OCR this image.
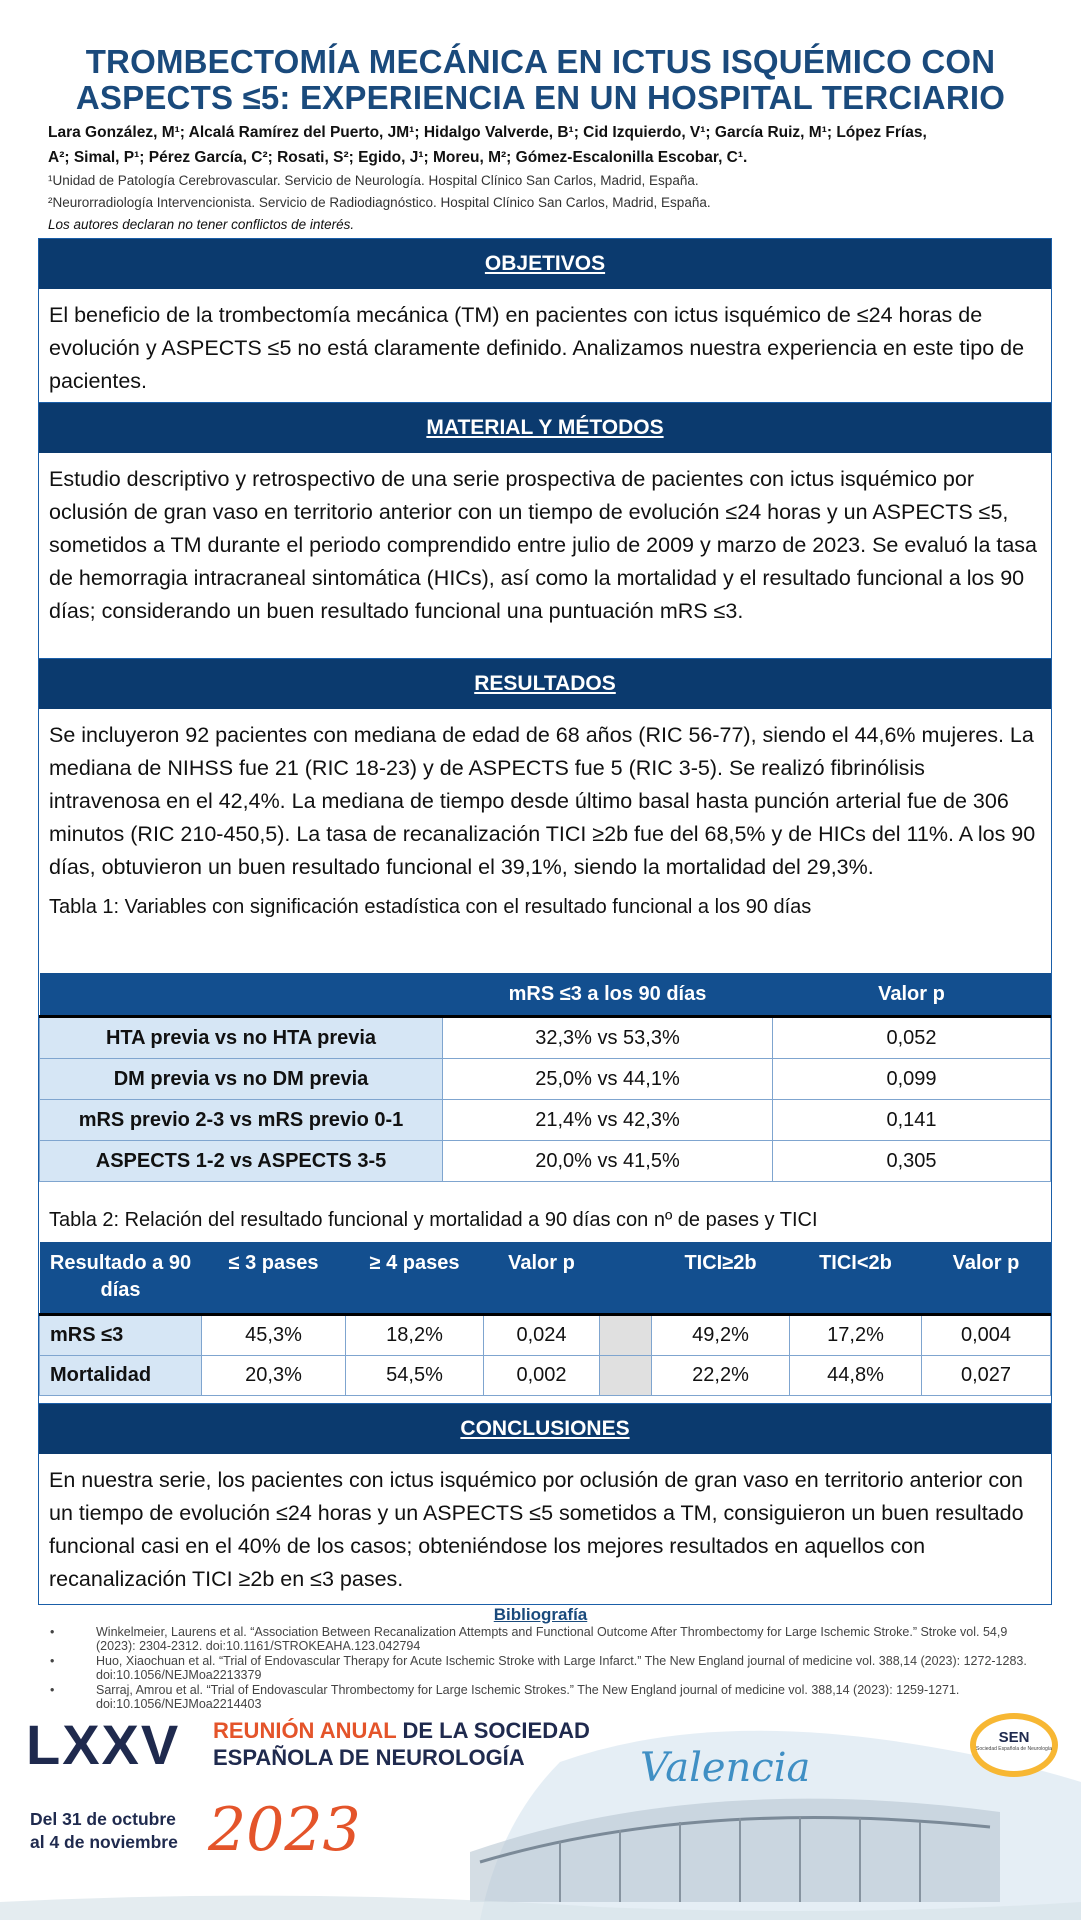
TROMBECTOMÍA MECÁNICA EN ICTUS ISQUÉMICO CON
ASPECTS ≤5: EXPERIENCIA EN UN HOSPITAL TERCIARIO
Lara González, M¹; Alcalá Ramírez del Puerto, JM¹; Hidalgo Valverde, B¹; Cid Izquierdo, V¹; García Ruiz, M¹; López Frías,
A²; Simal, P¹; Pérez García, C²; Rosati, S²; Egido, J¹; Moreu, M²; Gómez-Escalonilla Escobar, C¹.
¹Unidad de Patología Cerebrovascular. Servicio de Neurología. Hospital Clínico San Carlos, Madrid, España.
²Neurorradiología Intervencionista. Servicio de Radiodiagnóstico. Hospital Clínico San Carlos, Madrid, España.
Los autores declaran no tener conflictos de interés.
OBJETIVOS
El beneficio de la trombectomía mecánica (TM) en pacientes con ictus isquémico de ≤24 horas de evolución y ASPECTS ≤5 no está claramente definido. Analizamos nuestra experiencia en este tipo de pacientes.
MATERIAL Y MÉTODOS
Estudio descriptivo y retrospectivo de una serie prospectiva de pacientes con ictus isquémico por oclusión de gran vaso en territorio anterior con un tiempo de evolución ≤24 horas y un ASPECTS ≤5, sometidos a TM durante el periodo comprendido entre julio de 2009 y marzo de 2023. Se evaluó la tasa de hemorragia intracraneal sintomática (HICs), así como la mortalidad y el resultado funcional a los 90 días; considerando un buen resultado funcional una puntuación mRS ≤3.
RESULTADOS
Se incluyeron 92 pacientes con mediana de edad de 68 años (RIC 56-77), siendo el 44,6% mujeres. La mediana de NIHSS fue 21 (RIC 18-23) y de ASPECTS fue 5 (RIC 3-5). Se realizó fibrinólisis intravenosa en el 42,4%. La mediana de tiempo desde último basal hasta punción arterial fue de 306 minutos (RIC 210-450,5). La tasa de recanalización TICI ≥2b fue del 68,5% y de HICs del 11%. A los 90 días, obtuvieron un buen resultado funcional el 39,1%, siendo la mortalidad del 29,3%.
Tabla 1: Variables con significación estadística con el resultado funcional a los 90 días
Tabla 2: Relación del resultado funcional y mortalidad a 90 días con nº de pases y TICI
	mRS ≤3 a los 90 días	Valor p
HTA previa vs no HTA previa	32,3% vs 53,3%	0,052
DM previa vs no DM previa	25,0% vs 44,1%	0,099
mRS previo 2-3 vs mRS previo 0-1	21,4% vs 42,3%	0,141
ASPECTS 1-2 vs ASPECTS 3-5	20,0% vs 41,5%	0,305
Resultado a 90 días	≤ 3 pases	≥ 4 pases	Valor p		TICI≥2b	TICI<2b	Valor p
mRS ≤3	45,3%	18,2%	0,024		49,2%	17,2%	0,004
Mortalidad	20,3%	54,5%	0,002		22,2%	44,8%	0,027
CONCLUSIONES
En nuestra serie, los pacientes con ictus isquémico por oclusión de gran vaso en territorio anterior con un tiempo de evolución ≤24 horas y un ASPECTS ≤5 sometidos a TM, consiguieron un buen resultado funcional casi en el 40% de los casos; obteniéndose los mejores resultados en aquellos con recanalización TICI ≥2b en ≤3 pases.
Bibliografía
•	Winkelmeier, Laurens et al. “Association Between Recanalization Attempts and Functional Outcome After Thrombectomy for Large Ischemic Stroke.” Stroke vol. 54,9 (2023): 2304-2312. doi:10.1161/STROKEAHA.123.042794
•	Huo, Xiaochuan et al. “Trial of Endovascular Therapy for Acute Ischemic Stroke with Large Infarct.” The New England journal of medicine vol. 388,14 (2023): 1272-1283. doi:10.1056/NEJMoa2213379
•	Sarraj, Amrou et al. “Trial of Endovascular Thrombectomy for Large Ischemic Strokes.” The New England journal of medicine vol. 388,14 (2023): 1259-1271. doi:10.1056/NEJMoa2214403
LXXV REUNIÓN ANUAL DE LA SOCIEDAD
ESPAÑOLA DE NEUROLOGÍA	Valencia
Del 31 de octubre
al 4 de noviembre 2023
SEN
Sociedad Española de Neurología
